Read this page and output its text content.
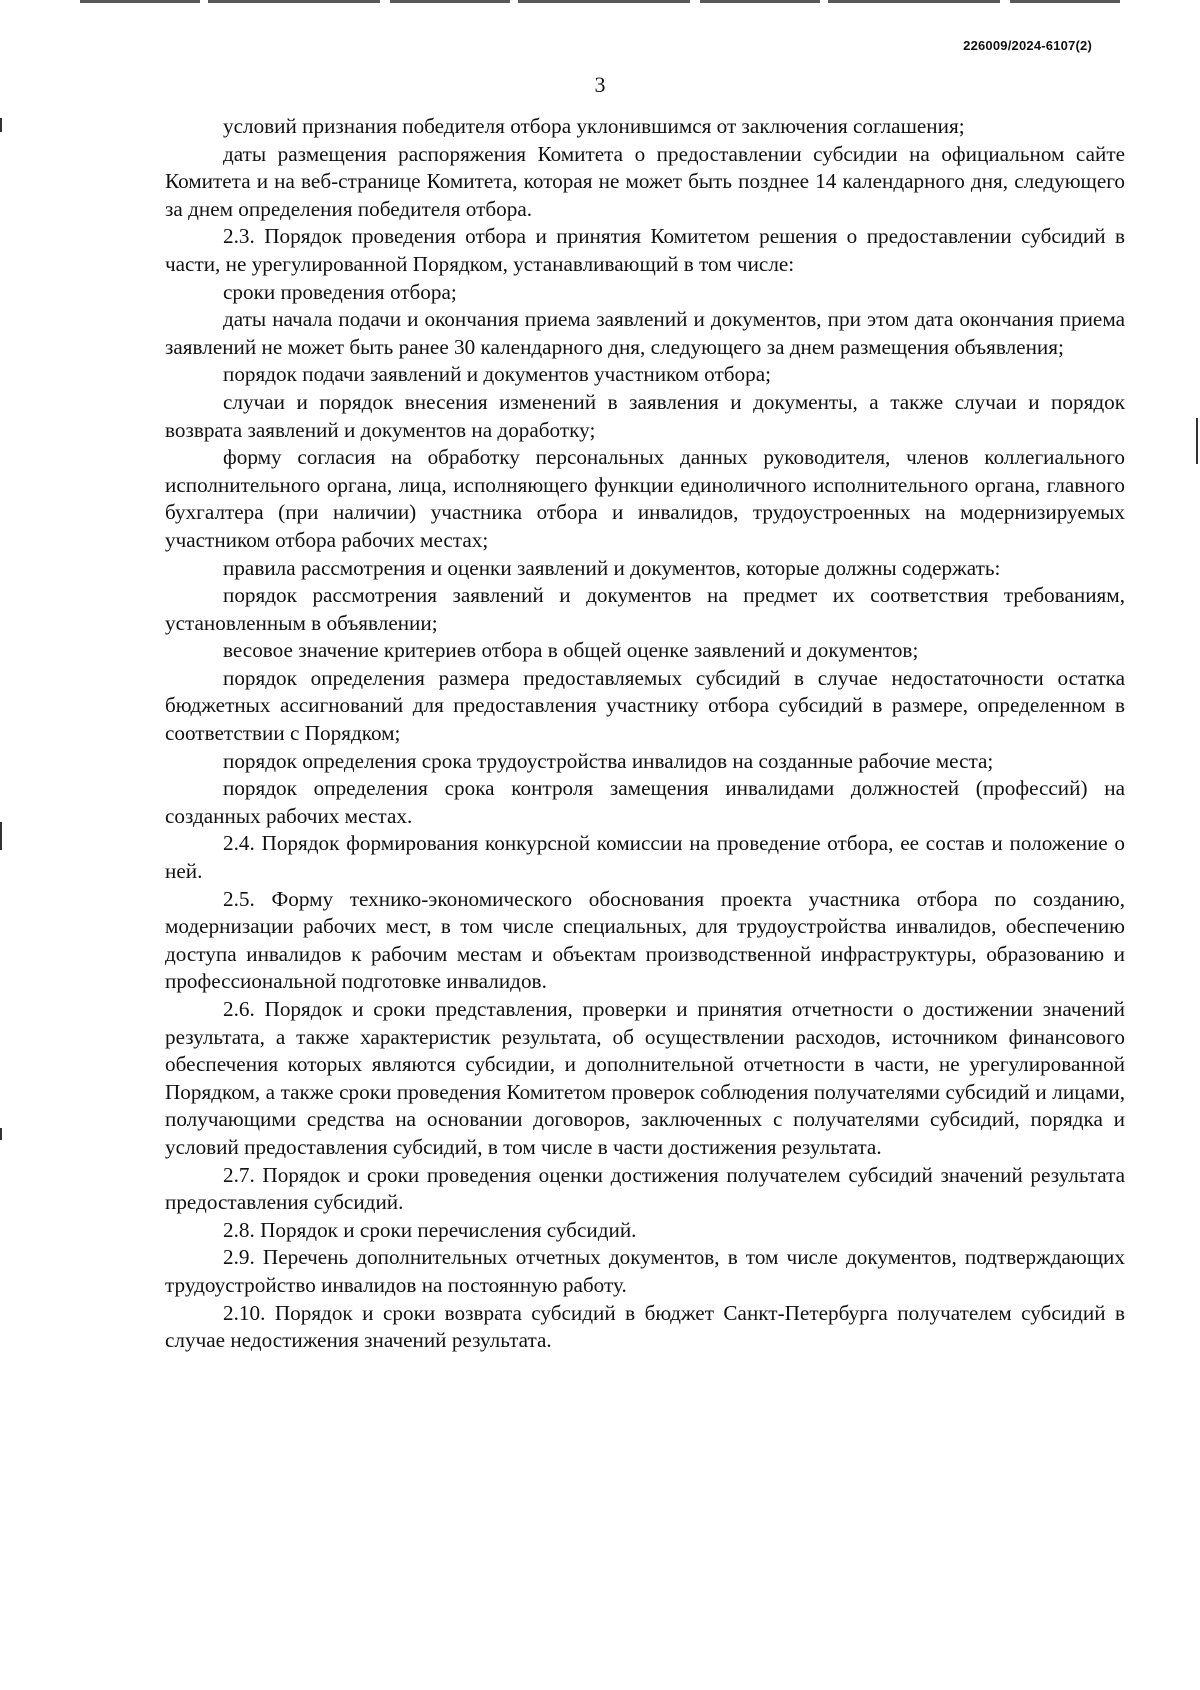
226009/2024-6107(2)
3

условий признания победителя отбора уклонившимся от заключения соглашения;

даты размещения распоряжения Комитета о предоставлении субсидии на официальном сайте Комитета и на веб-странице Комитета, которая не может быть позднее 14 календарного дня, следующего за днем определения победителя отбора.

2.3. Порядок проведения отбора и принятия Комитетом решения о предоставлении субсидий в части, не урегулированной Порядком, устанавливающий в том числе:

сроки проведения отбора;

даты начала подачи и окончания приема заявлений и документов, при этом дата окончания приема заявлений не может быть ранее 30 календарного дня, следующего за днем размещения объявления;

порядок подачи заявлений и документов участником отбора;

случаи и порядок внесения изменений в заявления и документы, а также случаи и порядок возврата заявлений и документов на доработку;

форму согласия на обработку персональных данных руководителя, членов коллегиального исполнительного органа, лица, исполняющего функции единоличного исполнительного органа, главного бухгалтера (при наличии) участника отбора и инвалидов, трудоустроенных на модернизируемых участником отбора рабочих местах;

правила рассмотрения и оценки заявлений и документов, которые должны содержать:

порядок рассмотрения заявлений и документов на предмет их соответствия требованиям, установленным в объявлении;

весовое значение критериев отбора в общей оценке заявлений и документов;

порядок определения размера предоставляемых субсидий в случае недостаточности остатка бюджетных ассигнований для предоставления участнику отбора субсидий в размере, определенном в соответствии с Порядком;

порядок определения срока трудоустройства инвалидов на созданные рабочие места;

порядок определения срока контроля замещения инвалидами должностей (профессий) на созданных рабочих местах.

2.4. Порядок формирования конкурсной комиссии на проведение отбора, ее состав и положение о ней.

2.5. Форму технико-экономического обоснования проекта участника отбора по созданию, модернизации рабочих мест, в том числе специальных, для трудоустройства инвалидов, обеспечению доступа инвалидов к рабочим местам и объектам производственной инфраструктуры, образованию и профессиональной подготовке инвалидов.

2.6. Порядок и сроки представления, проверки и принятия отчетности о достижении значений результата, а также характеристик результата, об осуществлении расходов, источником финансового обеспечения которых являются субсидии, и дополнительной отчетности в части, не урегулированной Порядком, а также сроки проведения Комитетом проверок соблюдения получателями субсидий и лицами, получающими средства на основании договоров, заключенных с получателями субсидий, порядка и условий предоставления субсидий, в том числе в части достижения результата.

2.7. Порядок и сроки проведения оценки достижения получателем субсидий значений результата предоставления субсидий.

2.8. Порядок и сроки перечисления субсидий.

2.9. Перечень дополнительных отчетных документов, в том числе документов, подтверждающих трудоустройство инвалидов на постоянную работу.

2.10. Порядок и сроки возврата субсидий в бюджет Санкт-Петербурга получателем субсидий в случае недостижения значений результата.
